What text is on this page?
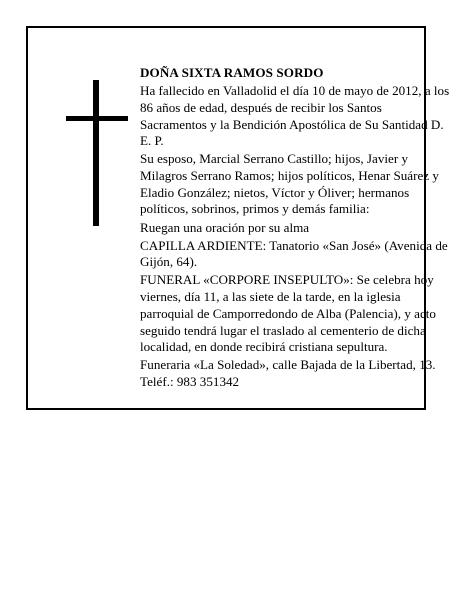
DOÑA SIXTA RAMOS SORDO

Ha fallecido en Valladolid el día 10 de mayo de 2012, a los 86 años de edad, después de recibir los Santos Sacramentos y la Bendición Apostólica de Su Santidad D. E. P.

Su esposo, Marcial Serrano Castillo; hijos, Javier y Milagros Serrano Ramos; hijos políticos, Henar Suárez y Eladio González; nietos, Víctor y Óliver; hermanos políticos, sobrinos, primos y demás familia:

Ruegan una oración por su alma

CAPILLA ARDIENTE: Tanatorio «San José» (Avenida de Gijón, 64).

FUNERAL «CORPORE INSEPULTO»: Se celebra hoy viernes, día 11, a las siete de la tarde, en la iglesia parroquial de Camporredondo de Alba (Palencia), y acto seguido tendrá lugar el traslado al cementerio de dicha localidad, en donde recibirá cristiana sepultura.

Funeraria «La Soledad», calle Bajada de la Libertad, 13. Teléf.: 983 351342
